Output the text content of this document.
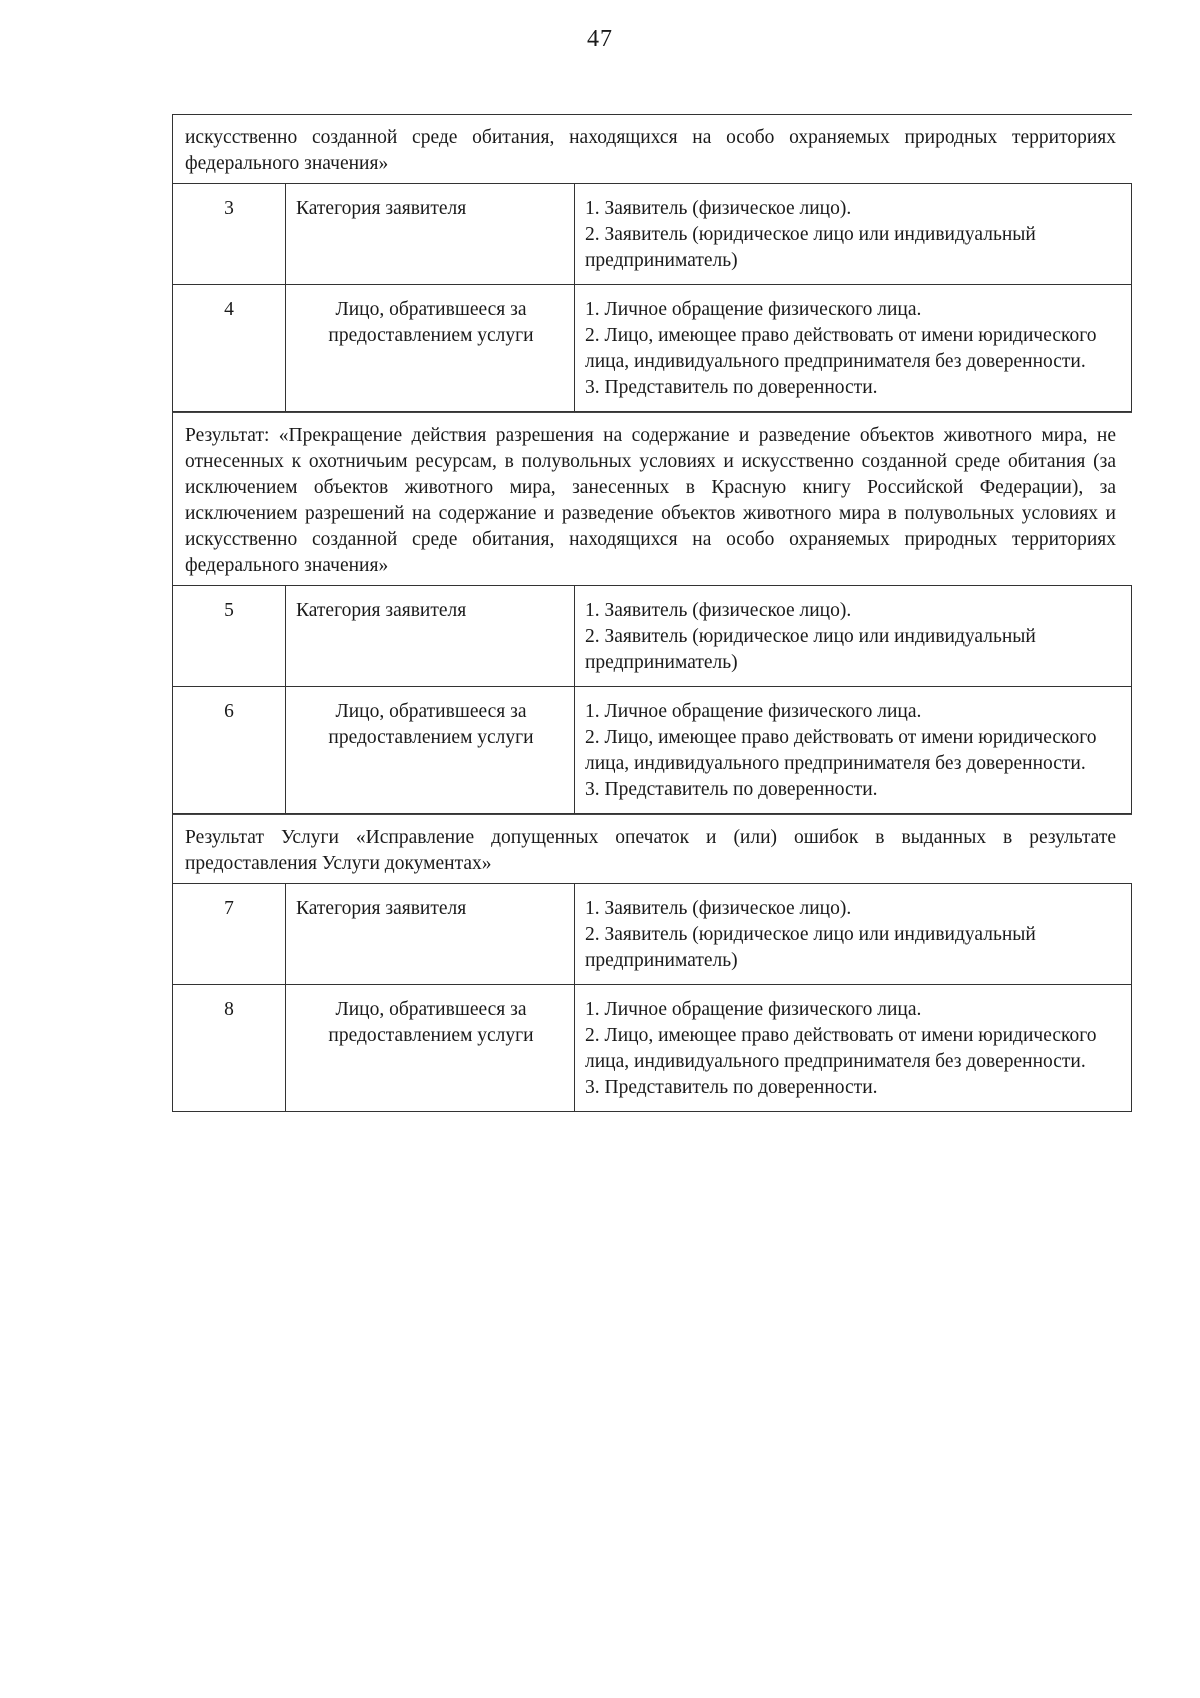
47
искусственно созданной среде обитания, находящихся на особо охраняемых природных территориях федерального значения»
3	Категория заявителя	1. Заявитель (физическое лицо).
2. Заявитель (юридическое лицо или индивидуальный предприниматель)

4	Лицо, обратившееся за предоставлением услуги	1. Личное обращение физического лица.
2. Лицо, имеющее право действовать от имени юридического лица, индивидуального предпринимателя без доверенности.
3. Представитель по доверенности.
Результат: «Прекращение действия разрешения на содержание и разведение объектов животного мира, не отнесенных к охотничьим ресурсам, в полувольных условиях и искусственно созданной среде обитания (за исключением объектов животного мира, занесенных в Красную книгу Российской Федерации), за исключением разрешений на содержание и разведение объектов животного мира в полувольных условиях и искусственно созданной среде обитания, находящихся на особо охраняемых природных территориях федерального значения»
5	Категория заявителя	1. Заявитель (физическое лицо).
2. Заявитель (юридическое лицо или индивидуальный предприниматель)

6	Лицо, обратившееся за предоставлением услуги	1. Личное обращение физического лица.
2. Лицо, имеющее право действовать от имени юридического лица, индивидуального предпринимателя без доверенности.
3. Представитель по доверенности.
Результат Услуги «Исправление допущенных опечаток и (или) ошибок в выданных в результате предоставления Услуги документах»
7	Категория заявителя	1. Заявитель (физическое лицо).
2. Заявитель (юридическое лицо или индивидуальный предприниматель)

8	Лицо, обратившееся за предоставлением услуги	1. Личное обращение физического лица.
2. Лицо, имеющее право действовать от имени юридического лица, индивидуального предпринимателя без доверенности.
3. Представитель по доверенности.
